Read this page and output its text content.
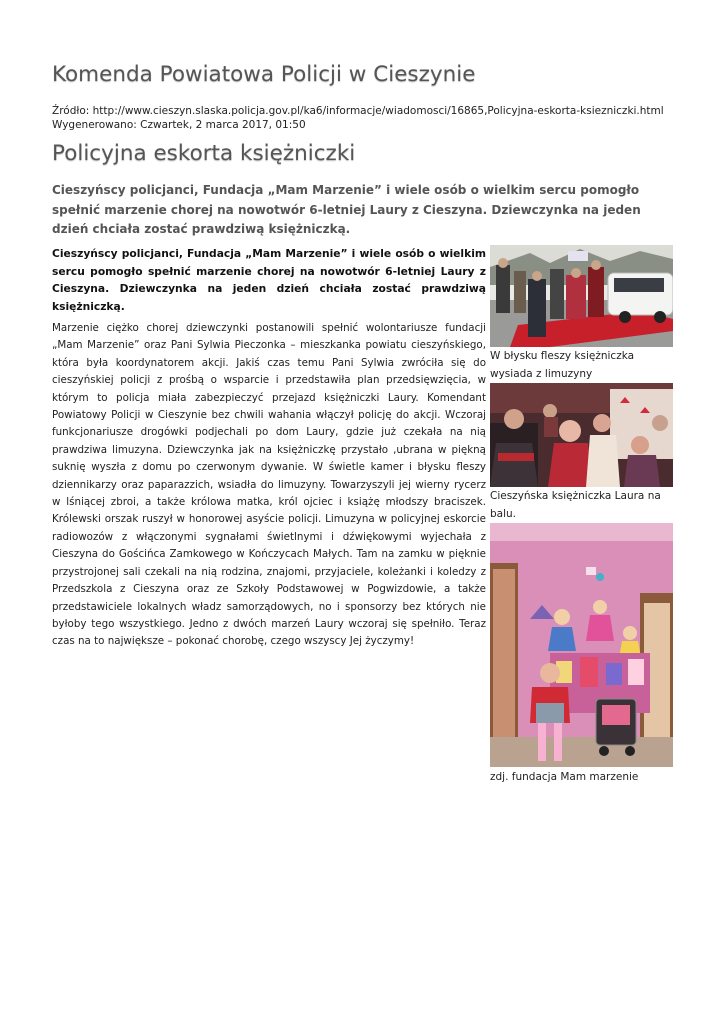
Komenda Powiatowa Policji w Cieszynie
Źródło: http://www.cieszyn.slaska.policja.gov.pl/ka6/informacje/wiadomosci/16865,Policyjna-eskorta-ksiezniczki.html
Wygenerowano: Czwartek, 2 marca 2017, 01:50
Policyjna eskorta księżniczki
Cieszyńscy policjanci, Fundacja „Mam Marzenie” i wiele osób o wielkim sercu pomogło spełnić marzenie chorej na nowotwór 6-letniej Laury z Cieszyna. Dziewczynka na jeden dzień chciała zostać prawdziwą księżniczką.
Cieszyńscy policjanci, Fundacja „Mam Marzenie” i wiele osób o wielkim sercu pomogło spełnić marzenie chorej na nowotwór 6-letniej Laury z Cieszyna. Dziewczynka na jeden dzień chciała zostać prawdziwą księżniczką.
Marzenie ciężko chorej dziewczynki postanowili spełnić wolontariusze fundacji „Mam Marzenie” oraz Pani Sylwia Pieczonka – mieszkanka powiatu cieszyńskiego, która była koordynatorem akcji. Jakiś czas temu Pani Sylwia zwróciła się do cieszyńskiej policji z prośbą o wsparcie i przedstawiła plan przedsięwzięcia, w którym to policja miała zabezpieczyć przejazd księżniczki Laury. Komendant Powiatowy Policji w Cieszynie bez chwili wahania włączył policję do akcji. Wczoraj funkcjonariusze drogówki podjechali po dom Laury, gdzie już czekała na nią prawdziwa limuzyna. Dziewczynka jak na księżniczkę przystało ,ubrana w piękną suknię wyszła z domu po czerwonym dywanie. W świetle kamer i błysku fleszy dziennikarzy oraz paparazzich, wsiadła do limuzyny. Towarzyszyli jej wierny rycerz w lśniącej zbroi, a także królowa matka, król ojciec i książę młodszy braciszek. Królewski orszak ruszył w honorowej asyście policji. Limuzyna w policyjnej eskorcie radiowozów z włączonymi sygnałami świetlnymi i dźwiękowymi wyjechała z Cieszyna do Gościńca Zamkowego w Kończycach Małych. Tam na zamku w pięknie przystrojonej sali czekali na nią rodzina, znajomi, przyjaciele, koleżanki i koledzy z Przedszkola z Cieszyna oraz ze Szkoły Podstawowej w Pogwizdowie, a także przedstawiciele lokalnych władz samorządowych, no i sponsorzy bez których nie byłoby tego wszystkiego. Jedno z dwóch marzeń Laury wczoraj się spełniło. Teraz czas na to największe – pokonać chorobę, czego wszyscy Jej życzymy!
W błysku fleszy księżniczka wysiada z limuzyny
Cieszyńska księżniczka Laura na balu.
zdj. fundacja Mam marzenie
